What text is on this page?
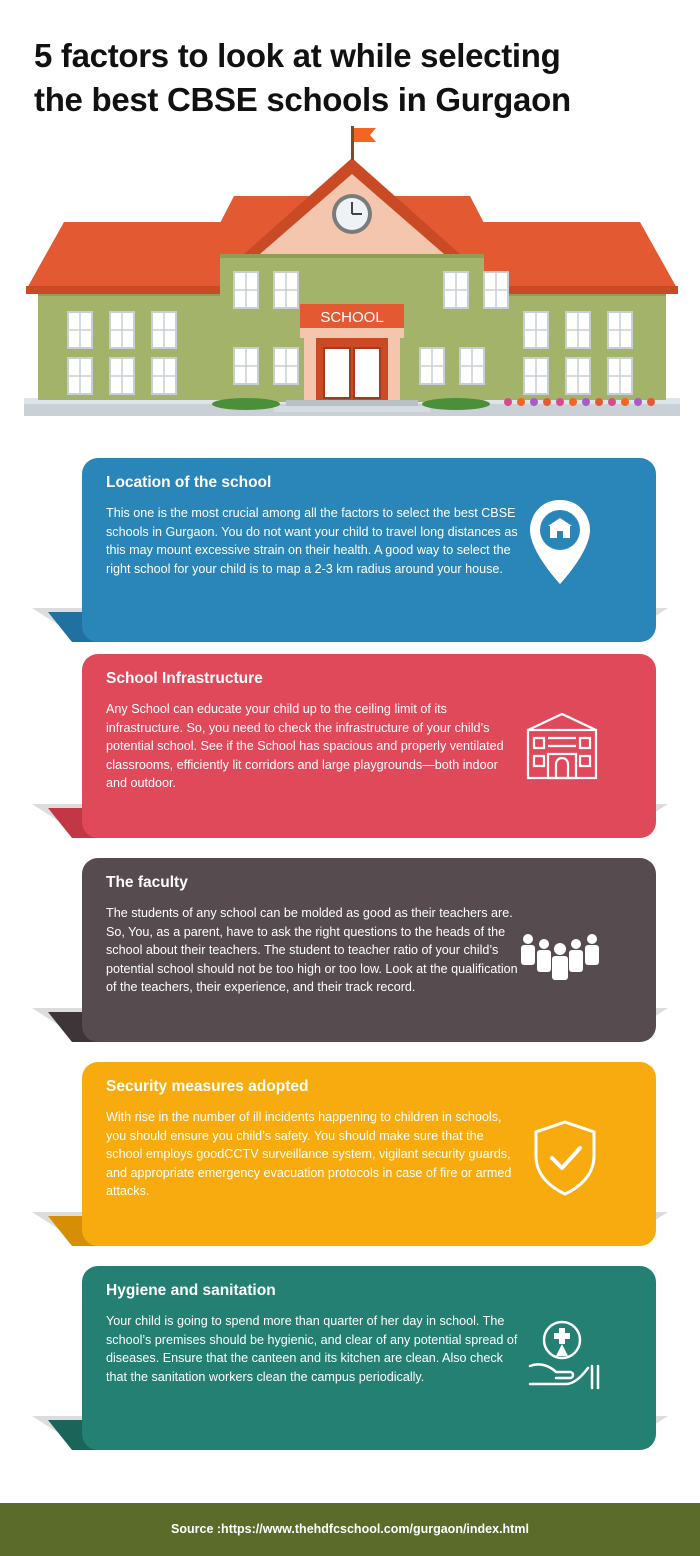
5 factors to look at while selecting
the best CBSE schools in Gurgaon
SCHOOL
Location of the school
This one is the most crucial among all the factors to select the best CBSE schools in Gurgaon. You do not want your child to travel long distances as this may mount excessive strain on their health. A good way to select the right school for your child is to map a 2-3 km radius around your house.
School Infrastructure
Any School can educate your child up to the ceiling limit of its infrastructure. So, you need to check the infrastructure of your child’s potential school. See if the School has spacious and properly ventilated classrooms, efficiently lit corridors and large playgrounds—both indoor and outdoor.
The faculty
The students of any school can be molded as good as their teachers are. So, You, as a parent, have to ask the right questions to the heads of the school about their teachers. The student to teacher ratio of your child’s potential school should not be too high or too low. Look at the qualification of the teachers, their experience, and their track record.
Security measures adopted
With rise in the number of ill incidents happening to children in schools, you should ensure you child’s safety. You should make sure that the school employs goodCCTV surveillance system, vigilant security guards, and appropriate emergency evacuation protocols in case of fire or armed attacks.
Hygiene and sanitation
Your child is going to spend more than quarter of her day in school. The school’s premises should be hygienic, and clear of any potential spread of diseases. Ensure that the canteen and its kitchen are clean. Also check that the sanitation workers clean the campus periodically.
Source :https://www.thehdfcschool.com/gurgaon/index.html
